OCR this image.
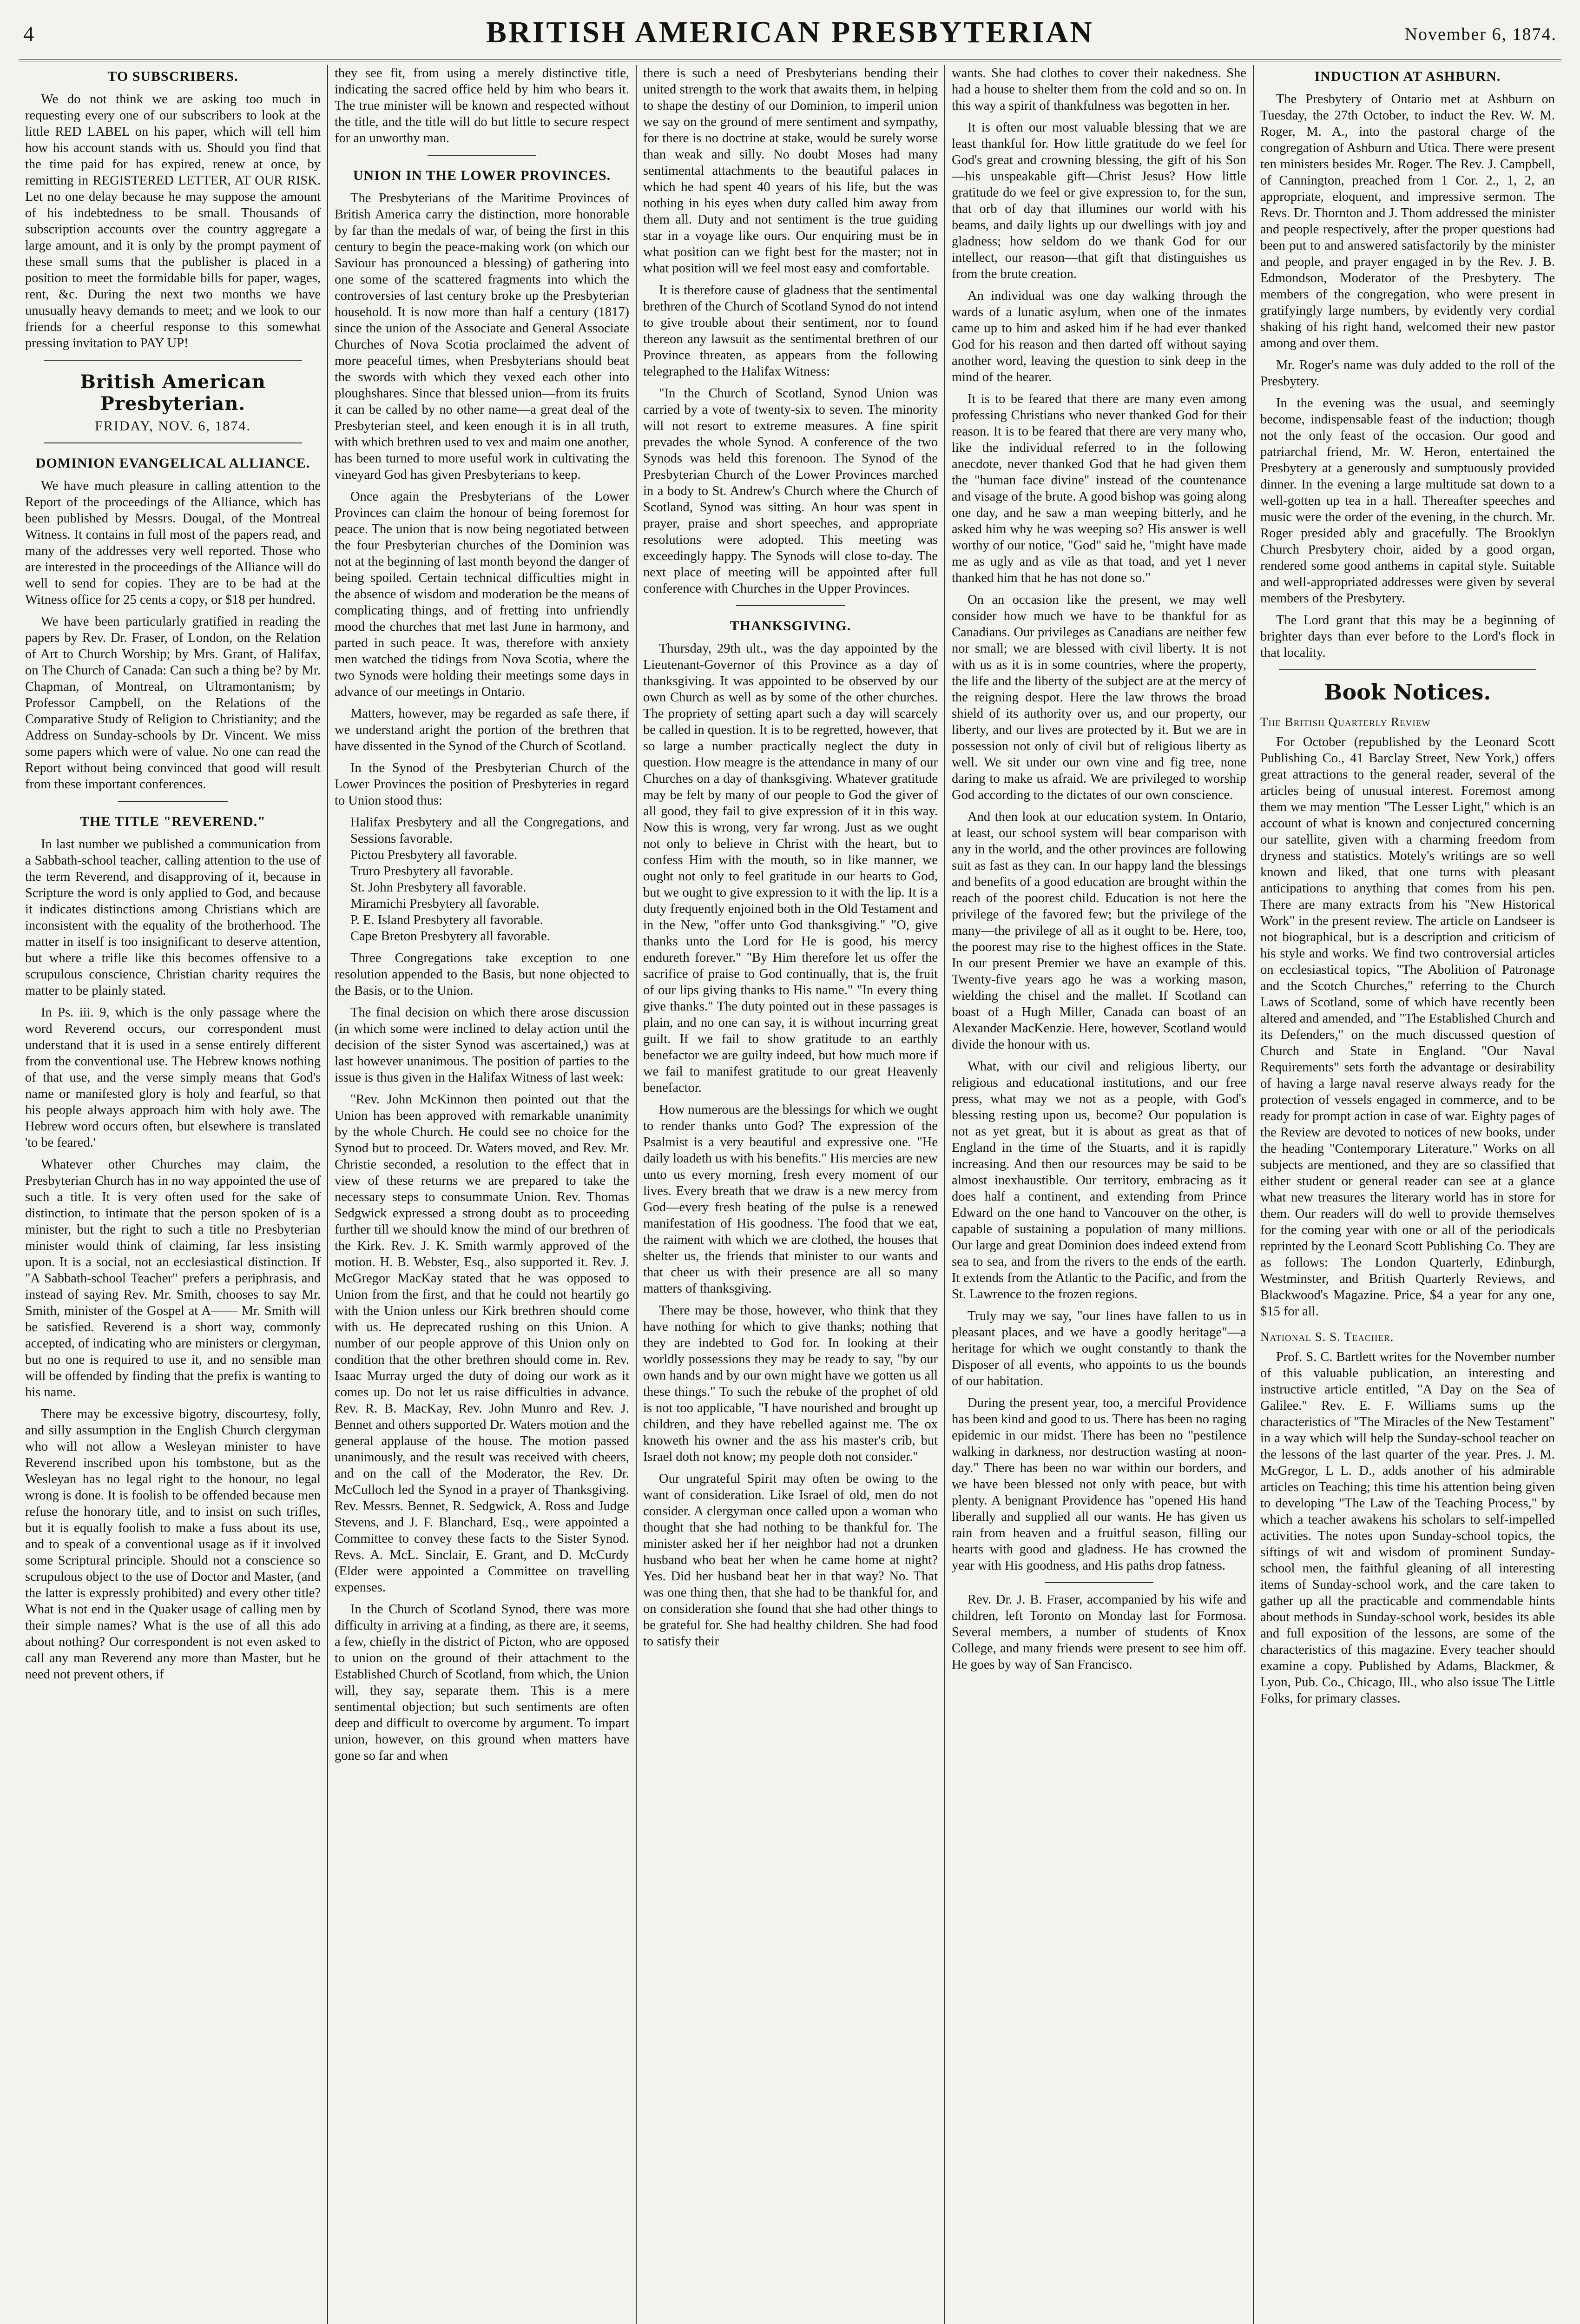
4	BRITISH AMERICAN PRESBYTERIAN	November 6, 1874.
TO SUBSCRIBERS.

We do not think we are asking too much in requesting every one of our subscribers to look at the little RED LABEL on his paper, which will tell him how his account stands with us. Should you find that the time paid for has expired, renew at once, by remitting in REGISTERED LETTER, AT OUR RISK. Let no one delay because he may suppose the amount of his indebtedness to be small. Thousands of subscription accounts over the country aggregate a large amount, and it is only by the prompt payment of these small sums that the publisher is placed in a position to meet the formidable bills for paper, wages, rent, &c. During the next two months we have unusually heavy demands to meet; and we look to our friends for a cheerful response to this somewhat pressing invitation to PAY UP!

British American Presbyterian.
FRIDAY, NOV. 6, 1874.
DOMINION EVANGELICAL ALLIANCE.

We have much pleasure in calling attention to the Report of the proceedings of the Alliance, which has been published by Messrs. Dougal, of the Montreal Witness. It contains in full most of the papers read, and many of the addresses very well reported. Those who are interested in the proceedings of the Alliance will do well to send for copies. They are to be had at the Witness office for 25 cents a copy, or $18 per hundred.

We have been particularly gratified in reading the papers by Rev. Dr. Fraser, of London, on the Relation of Art to Church Worship; by Mrs. Grant, of Halifax, on The Church of Canada: Can such a thing be? by Mr. Chapman, of Montreal, on Ultramontanism; by Professor Campbell, on the Relations of the Comparative Study of Religion to Christianity; and the Address on Sunday-schools by Dr. Vincent. We miss some papers which were of value. No one can read the Report without being convinced that good will result from these important conferences.

THE TITLE "REVEREND."

In last number we published a communication from a Sabbath-school teacher, calling attention to the use of the term Reverend, and disapproving of it, because in Scripture the word is only applied to God, and because it indicates distinctions among Christians which are inconsistent with the equality of the brotherhood. The matter in itself is too insignificant to deserve attention, but where a trifle like this becomes offensive to a scrupulous conscience, Christian charity requires the matter to be plainly stated.

In Ps. iii. 9, which is the only passage where the word Reverend occurs, our correspondent must understand that it is used in a sense entirely different from the conventional use. The Hebrew knows nothing of that use, and the verse simply means that God's name or manifested glory is holy and fearful, so that his people always approach him with holy awe. The Hebrew word occurs often, but elsewhere is translated 'to be feared.'

Whatever other Churches may claim, the Presbyterian Church has in no way appointed the use of such a title. It is very often used for the sake of distinction, to intimate that the person spoken of is a minister, but the right to such a title no Presbyterian minister would think of claiming, far less insisting upon. It is a social, not an ecclesiastical distinction. If "A Sabbath-school Teacher" prefers a periphrasis, and instead of saying Rev. Mr. Smith, chooses to say Mr. Smith, minister of the Gospel at A—— Mr. Smith will be satisfied. Reverend is a short way, commonly accepted, of indicating who are ministers or clergyman, but no one is required to use it, and no sensible man will be offended by finding that the prefix is wanting to his name.

There may be excessive bigotry, discourtesy, folly, and silly assumption in the English Church clergyman who will not allow a Wesleyan minister to have Reverend inscribed upon his tombstone, but as the Wesleyan has no legal right to the honour, no legal wrong is done. It is foolish to be offended because men refuse the honorary title, and to insist on such trifles, but it is equally foolish to make a fuss about its use, and to speak of a conventional usage as if it involved some Scriptural principle. Should not a conscience so scrupulous object to the use of Doctor and Master, (and the latter is expressly prohibited) and every other title? What is not end in the Quaker usage of calling men by their simple names? What is the use of all this ado about nothing? Our correspondent is not even asked to call any man Reverend any more than Master, but he need not prevent others, if

they see fit, from using a merely distinctive title, indicating the sacred office held by him who bears it. The true minister will be known and respected without the title, and the title will do but little to secure respect for an unworthy man.

UNION IN THE LOWER PROVINCES.

The Presbyterians of the Maritime Provinces of British America carry the distinction, more honorable by far than the medals of war, of being the first in this century to begin the peace-making work (on which our Saviour has pronounced a blessing) of gathering into one some of the scattered fragments into which the controversies of last century broke up the Presbyterian household. It is now more than half a century (1817) since the union of the Associate and General Associate Churches of Nova Scotia proclaimed the advent of more peaceful times, when Presbyterians should beat the swords with which they vexed each other into ploughshares. Since that blessed union—from its fruits it can be called by no other name—a great deal of the Presbyterian steel, and keen enough it is in all truth, with which brethren used to vex and maim one another, has been turned to more useful work in cultivating the vineyard God has given Presbyterians to keep.

Once again the Presbyterians of the Lower Provinces can claim the honour of being foremost for peace. The union that is now being negotiated between the four Presbyterian churches of the Dominion was not at the beginning of last month beyond the danger of being spoiled. Certain technical difficulties might in the absence of wisdom and moderation be the means of complicating things, and of fretting into unfriendly mood the churches that met last June in harmony, and parted in such peace. It was, therefore with anxiety men watched the tidings from Nova Scotia, where the two Synods were holding their meetings some days in advance of our meetings in Ontario.

Matters, however, may be regarded as safe there, if we understand aright the portion of the brethren that have dissented in the Synod of the Church of Scotland.

In the Synod of the Presbyterian Church of the Lower Provinces the position of Presbyteries in regard to Union stood thus:

Halifax Presbytery and all the Congregations, and Sessions favorable.

Pictou Presbytery all favorable.

Truro Presbytery all favorable.

St. John Presbytery all favorable.

Miramichi Presbytery all favorable.

P. E. Island Presbytery all favorable.

Cape Breton Presbytery all favorable.

Three Congregations take exception to one resolution appended to the Basis, but none objected to the Basis, or to the Union.

The final decision on which there arose discussion (in which some were inclined to delay action until the decision of the sister Synod was ascertained,) was at last however unanimous. The position of parties to the issue is thus given in the Halifax Witness of last week:

"Rev. John McKinnon then pointed out that the Union has been approved with remarkable unanimity by the whole Church. He could see no choice for the Synod but to proceed. Dr. Waters moved, and Rev. Mr. Christie seconded, a resolution to the effect that in view of these returns we are prepared to take the necessary steps to consummate Union. Rev. Thomas Sedgwick expressed a strong doubt as to proceeding further till we should know the mind of our brethren of the Kirk. Rev. J. K. Smith warmly approved of the motion. H. B. Webster, Esq., also supported it. Rev. J. McGregor MacKay stated that he was opposed to Union from the first, and that he could not heartily go with the Union unless our Kirk brethren should come with us. He deprecated rushing on this Union. A number of our people approve of this Union only on condition that the other brethren should come in. Rev. Isaac Murray urged the duty of doing our work as it comes up. Do not let us raise difficulties in advance. Rev. R. B. MacKay, Rev. John Munro and Rev. J. Bennet and others supported Dr. Waters motion and the general applause of the house. The motion passed unanimously, and the result was received with cheers, and on the call of the Moderator, the Rev. Dr. McCulloch led the Synod in a prayer of Thanksgiving. Rev. Messrs. Bennet, R. Sedgwick, A. Ross and Judge Stevens, and J. F. Blanchard, Esq., were appointed a Committee to convey these facts to the Sister Synod. Revs. A. McL. Sinclair, E. Grant, and D. McCurdy (Elder were appointed a Committee on travelling expenses.

In the Church of Scotland Synod, there was more difficulty in arriving at a finding, as there are, it seems, a few, chiefly in the district of Picton, who are opposed to union on the ground of their attachment to the Established Church of Scotland, from which, the Union will, they say, separate them. This is a mere sentimental objection; but such sentiments are often deep and difficult to overcome by argument. To impart union, however, on this ground when matters have gone so far and when

there is such a need of Presbyterians bending their united strength to the work that awaits them, in helping to shape the destiny of our Dominion, to imperil union we say on the ground of mere sentiment and sympathy, for there is no doctrine at stake, would be surely worse than weak and silly. No doubt Moses had many sentimental attachments to the beautiful palaces in which he had spent 40 years of his life, but the was nothing in his eyes when duty called him away from them all. Duty and not sentiment is the true guiding star in a voyage like ours. Our enquiring must be in what position can we fight best for the master; not in what position will we feel most easy and comfortable.

It is therefore cause of gladness that the sentimental brethren of the Church of Scotland Synod do not intend to give trouble about their sentiment, nor to found thereon any lawsuit as the sentimental brethren of our Province threaten, as appears from the following telegraphed to the Halifax Witness:

"In the Church of Scotland, Synod Union was carried by a vote of twenty-six to seven. The minority will not resort to extreme measures. A fine spirit prevades the whole Synod. A conference of the two Synods was held this forenoon. The Synod of the Presbyterian Church of the Lower Provinces marched in a body to St. Andrew's Church where the Church of Scotland, Synod was sitting. An hour was spent in prayer, praise and short speeches, and appropriate resolutions were adopted. This meeting was exceedingly happy. The Synods will close to-day. The next place of meeting will be appointed after full conference with Churches in the Upper Provinces.

THANKSGIVING.

Thursday, 29th ult., was the day appointed by the Lieutenant-Governor of this Province as a day of thanksgiving. It was appointed to be observed by our own Church as well as by some of the other churches. The propriety of setting apart such a day will scarcely be called in question. It is to be regretted, however, that so large a number practically neglect the duty in question. How meagre is the attendance in many of our Churches on a day of thanksgiving. Whatever gratitude may be felt by many of our people to God the giver of all good, they fail to give expression of it in this way. Now this is wrong, very far wrong. Just as we ought not only to believe in Christ with the heart, but to confess Him with the mouth, so in like manner, we ought not only to feel gratitude in our hearts to God, but we ought to give expression to it with the lip. It is a duty frequently enjoined both in the Old Testament and in the New, "offer unto God thanksgiving." "O, give thanks unto the Lord for He is good, his mercy endureth forever." "By Him therefore let us offer the sacrifice of praise to God continually, that is, the fruit of our lips giving thanks to His name." "In every thing give thanks." The duty pointed out in these passages is plain, and no one can say, it is without incurring great guilt. If we fail to show gratitude to an earthly benefactor we are guilty indeed, but how much more if we fail to manifest gratitude to our great Heavenly benefactor.

How numerous are the blessings for which we ought to render thanks unto God? The expression of the Psalmist is a very beautiful and expressive one. "He daily loadeth us with his benefits." His mercies are new unto us every morning, fresh every moment of our lives. Every breath that we draw is a new mercy from God—every fresh beating of the pulse is a renewed manifestation of His goodness. The food that we eat, the raiment with which we are clothed, the houses that shelter us, the friends that minister to our wants and that cheer us with their presence are all so many matters of thanksgiving.

There may be those, however, who think that they have nothing for which to give thanks; nothing that they are indebted to God for. In looking at their worldly possessions they may be ready to say, "by our own hands and by our own might have we gotten us all these things." To such the rebuke of the prophet of old is not too applicable, "I have nourished and brought up children, and they have rebelled against me. The ox knoweth his owner and the ass his master's crib, but Israel doth not know; my people doth not consider."

Our ungrateful Spirit may often be owing to the want of consideration. Like Israel of old, men do not consider. A clergyman once called upon a woman who thought that she had nothing to be thankful for. The minister asked her if her neighbor had not a drunken husband who beat her when he came home at night? Yes. Did her husband beat her in that way? No. That was one thing then, that she had to be thankful for, and on consideration she found that she had other things to be grateful for. She had healthy children. She had food to satisfy their

wants. She had clothes to cover their nakedness. She had a house to shelter them from the cold and so on. In this way a spirit of thankfulness was begotten in her.

It is often our most valuable blessing that we are least thankful for. How little gratitude do we feel for God's great and crowning blessing, the gift of his Son—his unspeakable gift—Christ Jesus? How little gratitude do we feel or give expression to, for the sun, that orb of day that illumines our world with his beams, and daily lights up our dwellings with joy and gladness; how seldom do we thank God for our intellect, our reason—that gift that distinguishes us from the brute creation.

An individual was one day walking through the wards of a lunatic asylum, when one of the inmates came up to him and asked him if he had ever thanked God for his reason and then darted off without saying another word, leaving the question to sink deep in the mind of the hearer.

It is to be feared that there are many even among professing Christians who never thanked God for their reason. It is to be feared that there are very many who, like the individual referred to in the following anecdote, never thanked God that he had given them the "human face divine" instead of the countenance and visage of the brute. A good bishop was going along one day, and he saw a man weeping bitterly, and he asked him why he was weeping so? His answer is well worthy of our notice, "God" said he, "might have made me as ugly and as vile as that toad, and yet I never thanked him that he has not done so."

On an occasion like the present, we may well consider how much we have to be thankful for as Canadians. Our privileges as Canadians are neither few nor small; we are blessed with civil liberty. It is not with us as it is in some countries, where the property, the life and the liberty of the subject are at the mercy of the reigning despot. Here the law throws the broad shield of its authority over us, and our property, our liberty, and our lives are protected by it. But we are in possession not only of civil but of religious liberty as well. We sit under our own vine and fig tree, none daring to make us afraid. We are privileged to worship God according to the dictates of our own conscience.

And then look at our education system. In Ontario, at least, our school system will bear comparison with any in the world, and the other provinces are following suit as fast as they can. In our happy land the blessings and benefits of a good education are brought within the reach of the poorest child. Education is not here the privilege of the favored few; but the privilege of the many—the privilege of all as it ought to be. Here, too, the poorest may rise to the highest offices in the State. In our present Premier we have an example of this. Twenty-five years ago he was a working mason, wielding the chisel and the mallet. If Scotland can boast of a Hugh Miller, Canada can boast of an Alexander MacKenzie. Here, however, Scotland would divide the honour with us.

What, with our civil and religious liberty, our religious and educational institutions, and our free press, what may we not as a people, with God's blessing resting upon us, become? Our population is not as yet great, but it is about as great as that of England in the time of the Stuarts, and it is rapidly increasing. And then our resources may be said to be almost inexhaustible. Our territory, embracing as it does half a continent, and extending from Prince Edward on the one hand to Vancouver on the other, is capable of sustaining a population of many millions. Our large and great Dominion does indeed extend from sea to sea, and from the rivers to the ends of the earth. It extends from the Atlantic to the Pacific, and from the St. Lawrence to the frozen regions.

Truly may we say, "our lines have fallen to us in pleasant places, and we have a goodly heritage"—a heritage for which we ought constantly to thank the Disposer of all events, who appoints to us the bounds of our habitation.

During the present year, too, a merciful Providence has been kind and good to us. There has been no raging epidemic in our midst. There has been no "pestilence walking in darkness, nor destruction wasting at noon-day." There has been no war within our borders, and we have been blessed not only with peace, but with plenty. A benignant Providence has "opened His hand liberally and supplied all our wants. He has given us rain from heaven and a fruitful season, filling our hearts with good and gladness. He has crowned the year with His goodness, and His paths drop fatness.

Rev. Dr. J. B. Fraser, accompanied by his wife and children, left Toronto on Monday last for Formosa. Several members, a number of students of Knox College, and many friends were present to see him off. He goes by way of San Francisco.

INDUCTION AT ASHBURN.

The Presbytery of Ontario met at Ashburn on Tuesday, the 27th October, to induct the Rev. W. M. Roger, M. A., into the pastoral charge of the congregation of Ashburn and Utica. There were present ten ministers besides Mr. Roger. The Rev. J. Campbell, of Cannington, preached from 1 Cor. 2., 1, 2, an appropriate, eloquent, and impressive sermon. The Revs. Dr. Thornton and J. Thom addressed the minister and people respectively, after the proper questions had been put to and answered satisfactorily by the minister and people, and prayer engaged in by the Rev. J. B. Edmondson, Moderator of the Presbytery. The members of the congregation, who were present in gratifyingly large numbers, by evidently very cordial shaking of his right hand, welcomed their new pastor among and over them.

Mr. Roger's name was duly added to the roll of the Presbytery.

In the evening was the usual, and seemingly become, indispensable feast of the induction; though not the only feast of the occasion. Our good and patriarchal friend, Mr. W. Heron, entertained the Presbytery at a generously and sumptuously provided dinner. In the evening a large multitude sat down to a well-gotten up tea in a hall. Thereafter speeches and music were the order of the evening, in the church. Mr. Roger presided ably and gracefully. The Brooklyn Church Presbytery choir, aided by a good organ, rendered some good anthems in capital style. Suitable and well-appropriated addresses were given by several members of the Presbytery.

The Lord grant that this may be a beginning of brighter days than ever before to the Lord's flock in that locality.

Book Notices.
The British Quarterly Review

For October (republished by the Leonard Scott Publishing Co., 41 Barclay Street, New York,) offers great attractions to the general reader, several of the articles being of unusual interest. Foremost among them we may mention "The Lesser Light," which is an account of what is known and conjectured concerning our satellite, given with a charming freedom from dryness and statistics. Motely's writings are so well known and liked, that one turns with pleasant anticipations to anything that comes from his pen. There are many extracts from his "New Historical Work" in the present review. The article on Landseer is not biographical, but is a description and criticism of his style and works. We find two controversial articles on ecclesiastical topics, "The Abolition of Patronage and the Scotch Churches," referring to the Church Laws of Scotland, some of which have recently been altered and amended, and "The Established Church and its Defenders," on the much discussed question of Church and State in England. "Our Naval Requirements" sets forth the advantage or desirability of having a large naval reserve always ready for the protection of vessels engaged in commerce, and to be ready for prompt action in case of war. Eighty pages of the Review are devoted to notices of new books, under the heading "Contemporary Literature." Works on all subjects are mentioned, and they are so classified that either student or general reader can see at a glance what new treasures the literary world has in store for them. Our readers will do well to provide themselves for the coming year with one or all of the periodicals reprinted by the Leonard Scott Publishing Co. They are as follows: The London Quarterly, Edinburgh, Westminster, and British Quarterly Reviews, and Blackwood's Magazine. Price, $4 a year for any one, $15 for all.

National S. S. Teacher.

Prof. S. C. Bartlett writes for the November number of this valuable publication, an interesting and instructive article entitled, "A Day on the Sea of Galilee." Rev. E. F. Williams sums up the characteristics of "The Miracles of the New Testament" in a way which will help the Sunday-school teacher on the lessons of the last quarter of the year. Pres. J. M. McGregor, L L. D., adds another of his admirable articles on Teaching; this time his attention being given to developing "The Law of the Teaching Process," by which a teacher awakens his scholars to self-impelled activities. The notes upon Sunday-school topics, the siftings of wit and wisdom of prominent Sunday-school men, the faithful gleaning of all interesting items of Sunday-school work, and the care taken to gather up all the practicable and commendable hints about methods in Sunday-school work, besides its able and full exposition of the lessons, are some of the characteristics of this magazine. Every teacher should examine a copy. Published by Adams, Blackmer, & Lyon, Pub. Co., Chicago, Ill., who also issue The Little Folks, for primary classes.
